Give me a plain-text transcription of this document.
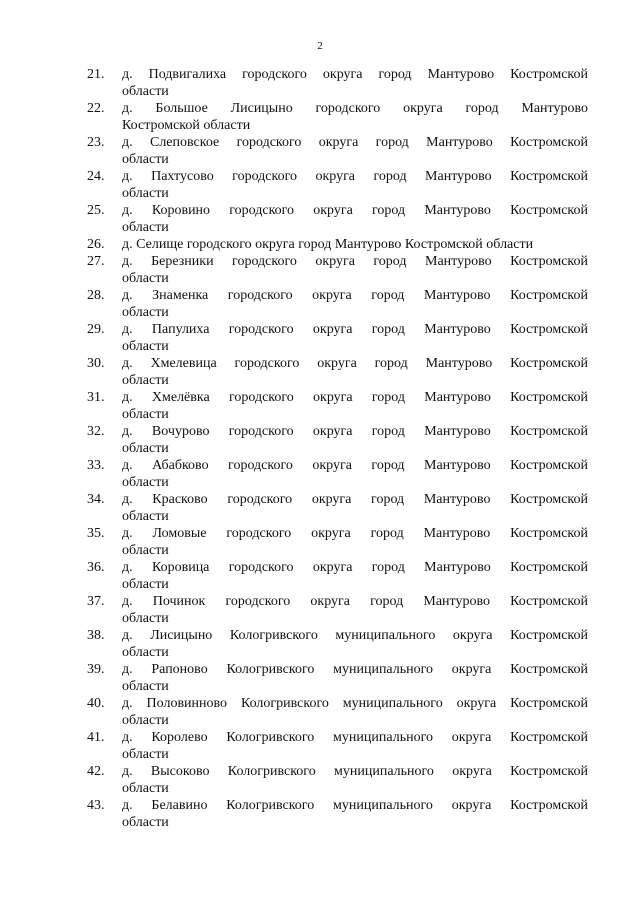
2
21.	д. Подвигалиха городского округа город Мантурово Костромской
области
22.	д. Большое Лисицыно городского округа город Мантурово
Костромской области
23.	д. Слеповское городского округа город Мантурово Костромской
области
24.	д. Пахтусово городского округа город Мантурово Костромской
области
25.	д. Коровино городского округа город Мантурово Костромской
области
26.	д. Селище городского округа город Мантурово Костромской области
27.	д. Березники городского округа город Мантурово Костромской
области
28.	д. Знаменка городского округа город Мантурово Костромской
области
29.	д. Папулиха городского округа город Мантурово Костромской
области
30.	д. Хмелевица городского округа город Мантурово Костромской
области
31.	д. Хмелёвка городского округа город Мантурово Костромской
области
32.	д. Вочурово городского округа город Мантурово Костромской
области
33.	д. Абабково городского округа город Мантурово Костромской
области
34.	д. Красково городского округа город Мантурово Костромской
области
35.	д. Ломовые городского округа город Мантурово Костромской
области
36.	д. Коровица городского округа город Мантурово Костромской
области
37.	д. Починок городского округа город Мантурово Костромской
области
38.	д. Лисицыно Кологривского муниципального округа Костромской
области
39.	д. Рапоново Кологривского муниципального округа Костромской
области
40.	д. Половинново Кологривского муниципального округа Костромской
области
41.	д. Королево Кологривского муниципального округа Костромской
области
42.	д. Высоково Кологривского муниципального округа Костромской
области
43.	д. Белавино Кологривского муниципального округа Костромской
области
